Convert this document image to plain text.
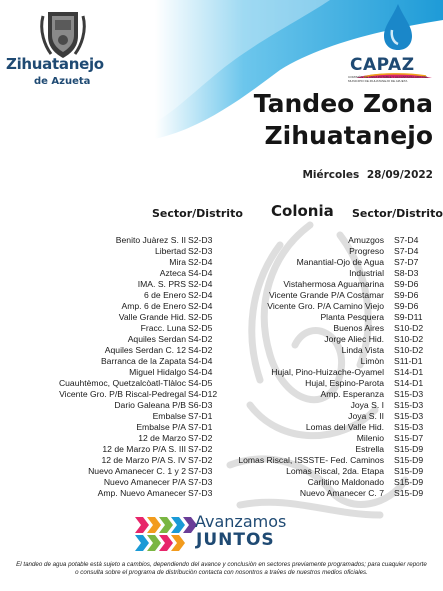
Zihuatanejo
de Azueta
CAPAZ
COMISIÓN DE AGUA POTABLE Y ALCANTARILLADO DEL MUNICIPIO DE ZIHUATANEJO DE AZUETA
Tandeo Zona
Zihuatanejo
Miércoles 28/09/2022
Sector/Distrito Colonia Sector/Distrito
Benito Juàrez S. II S2-D3
Libertad S2-D3
Mira S2-D4
Azteca S4-D4
IMA. S. PRS S2-D4
6 de Enero S2-D4
Amp. 6 de Enero S2-D4
Valle Grande Hid. S2-D5
Fracc. Luna S2-D5
Aquiles Serdan S4-D2
Aquiles Serdan C. 12 S4-D2
Barranca de la Zapata S4-D4
Miguel Hidalgo S4-D4
Cuauhtèmoc, Quetzalcòatl-Tlàloc S4-D5
Vicente Gro. P/B Riscal-Pedregal S4-D12
Dario Galeana P/B S6-D3
Embalse S7-D1
Embalse P/A S7-D1
12 de Marzo S7-D2
12 de Marzo P/A S. III S7-D2
12 de Marzo P/A S. IV S7-D2
Nuevo Amanecer C. 1 y 2 S7-D3
Nuevo Amanecer P/A S7-D3
Amp. Nuevo Amanecer S7-D3
Amuzgos S7-D4
Progreso S7-D4
Manantial-Ojo de Agua S7-D7
Industrial S8-D3
Vistahermosa Aguamarina S9-D6
Vicente Grande P/A Costamar S9-D6
Vicente Gro. P/A Camino Viejo S9-D6
Planta Pesquera S9-D11
Buenos Aires S10-D2
Jorge Aliec Hid. S10-D2
Linda Vista S10-D2
Limòn S11-D1
Hujal, Pino-Huizache-Oyamel S14-D1
Hujal, Espino-Parota S14-D1
Amp. Esperanza S15-D3
Joya S. I S15-D3
Joya S. II S15-D3
Lomas del Valle Hid. S15-D3
Milenio S15-D7
Estrella S15-D9
Lomas Riscal, ISSSTE- Fed. Caminos S15-D9
Lomas Riscal, 2da. Etapa S15-D9
Carlitino Maldonado S15-D9
Nuevo Amanecer C. 7 S15-D9
Avanzamos
JUNTOS
El tandeo de agua potable està sujeto a cambios, dependiendo del avance y conclusiòn en sectores previamente programados; para cuaquier reporte o consulta sobre el programa de distribuciòn contacta con nosontros a trav̀es de nuestros medios oficiales.
